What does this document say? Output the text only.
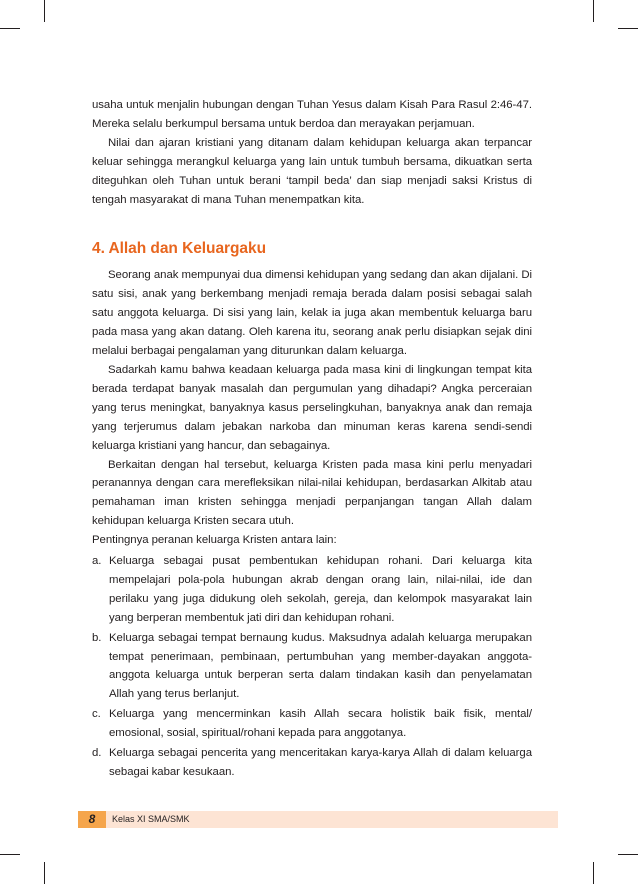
usaha untuk menjalin hubungan dengan Tuhan Yesus dalam Kisah Para Rasul 2:46-47. Mereka selalu berkumpul bersama untuk berdoa dan merayakan perjamuan.

Nilai dan ajaran kristiani yang ditanam dalam kehidupan keluarga akan terpancar keluar sehingga merangkul keluarga yang lain untuk tumbuh bersama, dikuatkan serta diteguhkan oleh Tuhan untuk berani ‘tampil beda’ dan siap menjadi saksi Kristus di tengah masyarakat di mana Tuhan menempatkan kita.

4. Allah dan Keluargaku

Seorang anak mempunyai dua dimensi kehidupan yang sedang dan akan dijalani. Di satu sisi, anak yang berkembang menjadi remaja berada dalam posisi sebagai salah satu anggota keluarga. Di sisi yang lain, kelak ia juga akan membentuk keluarga baru pada masa yang akan datang. Oleh karena itu, seorang anak perlu disiapkan sejak dini melalui berbagai pengalaman yang diturunkan dalam keluarga.

Sadarkah kamu bahwa keadaan keluarga pada masa kini di lingkungan tempat kita berada terdapat banyak masalah dan pergumulan yang dihadapi? Angka perceraian yang terus meningkat, banyaknya kasus perselingkuhan, banyaknya anak dan remaja yang terjerumus dalam jebakan narkoba dan minuman keras karena sendi-sendi keluarga kristiani yang hancur, dan sebagainya.

Berkaitan dengan hal tersebut, keluarga Kristen pada masa kini perlu menyadari peranannya dengan cara merefleksikan nilai-nilai kehidupan, berdasarkan Alkitab atau pemahaman iman kristen sehingga menjadi perpanjangan tangan Allah dalam kehidupan keluarga Kristen secara utuh.

Pentingnya peranan keluarga Kristen antara lain:

a. Keluarga sebagai pusat pembentukan kehidupan rohani. Dari keluarga kita mempelajari pola-pola hubungan akrab dengan orang lain, nilai-nilai, ide dan perilaku yang juga didukung oleh sekolah, gereja, dan kelompok masyarakat lain yang berperan membentuk jati diri dan kehidupan rohani.
b. Keluarga sebagai tempat bernaung kudus. Maksudnya adalah keluarga merupakan tempat penerimaan, pembinaan, pertumbuhan yang member-dayakan anggota-anggota keluarga untuk berperan serta dalam tindakan kasih dan penyelamatan Allah yang terus berlanjut.
c. Keluarga yang mencerminkan kasih Allah secara holistik baik fisik, mental/ emosional, sosial, spiritual/rohani kepada para anggotanya.
d. Keluarga sebagai pencerita yang menceritakan karya-karya Allah di dalam keluarga sebagai kabar kesukaan.
8	Kelas XI SMA/SMK
